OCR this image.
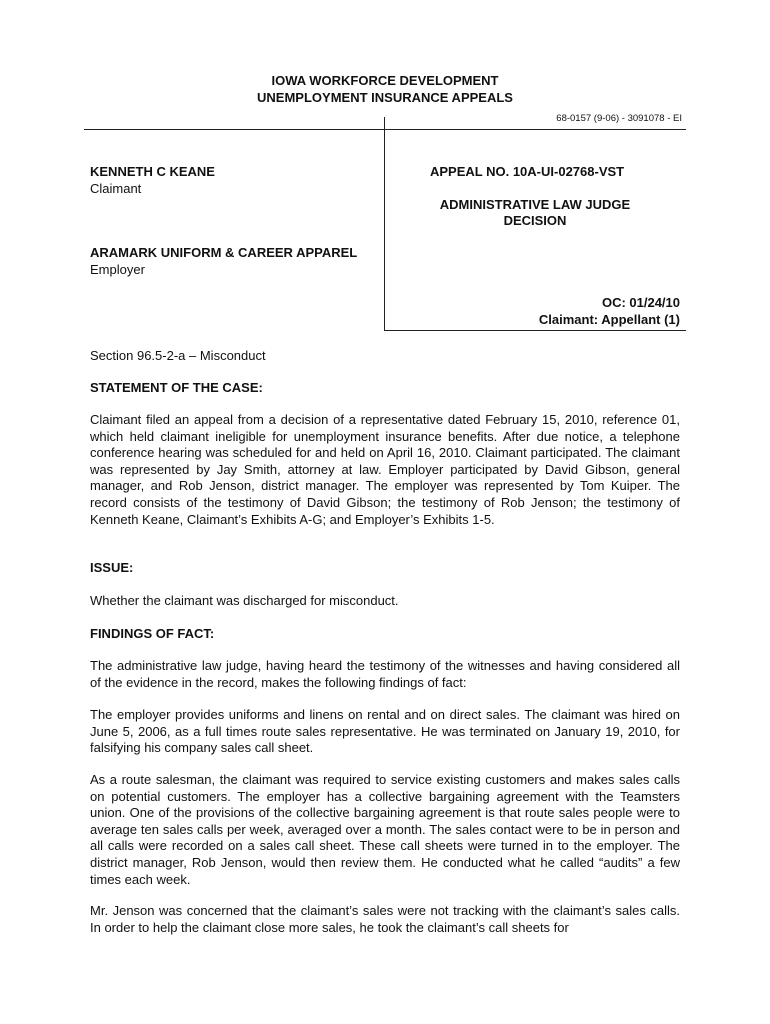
IOWA WORKFORCE DEVELOPMENT
UNEMPLOYMENT INSURANCE APPEALS
68-0157 (9-06) - 3091078 - EI
KENNETH C KEANE
Claimant
ARAMARK UNIFORM & CAREER APPAREL
Employer
APPEAL NO. 10A-UI-02768-VST
ADMINISTRATIVE LAW JUDGE
DECISION
OC: 01/24/10
Claimant: Appellant (1)
Section 96.5-2-a – Misconduct
STATEMENT OF THE CASE:
Claimant filed an appeal from a decision of a representative dated February 15, 2010, reference 01, which held claimant ineligible for unemployment insurance benefits. After due notice, a telephone conference hearing was scheduled for and held on April 16, 2010. Claimant participated. The claimant was represented by Jay Smith, attorney at law. Employer participated by David Gibson, general manager, and Rob Jenson, district manager. The employer was represented by Tom Kuiper. The record consists of the testimony of David Gibson; the testimony of Rob Jenson; the testimony of Kenneth Keane, Claimant’s Exhibits A-G; and Employer’s Exhibits 1-5.
ISSUE:
Whether the claimant was discharged for misconduct.
FINDINGS OF FACT:
The administrative law judge, having heard the testimony of the witnesses and having considered all of the evidence in the record, makes the following findings of fact:
The employer provides uniforms and linens on rental and on direct sales. The claimant was hired on June 5, 2006, as a full times route sales representative. He was terminated on January 19, 2010, for falsifying his company sales call sheet.
As a route salesman, the claimant was required to service existing customers and makes sales calls on potential customers. The employer has a collective bargaining agreement with the Teamsters union. One of the provisions of the collective bargaining agreement is that route sales people were to average ten sales calls per week, averaged over a month. The sales contact were to be in person and all calls were recorded on a sales call sheet. These call sheets were turned in to the employer. The district manager, Rob Jenson, would then review them. He conducted what he called “audits” a few times each week.
Mr. Jenson was concerned that the claimant’s sales were not tracking with the claimant’s sales calls. In order to help the claimant close more sales, he took the claimant’s call sheets for
